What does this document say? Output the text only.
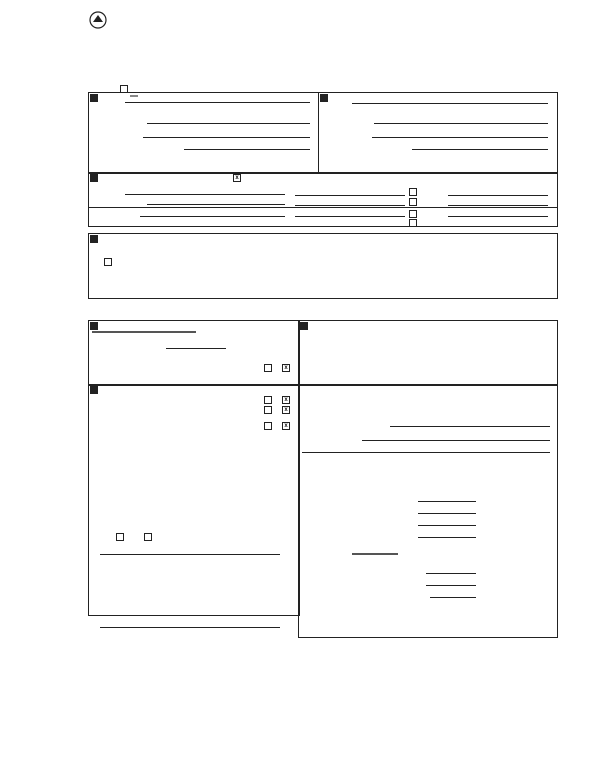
x
x
x
x
x
